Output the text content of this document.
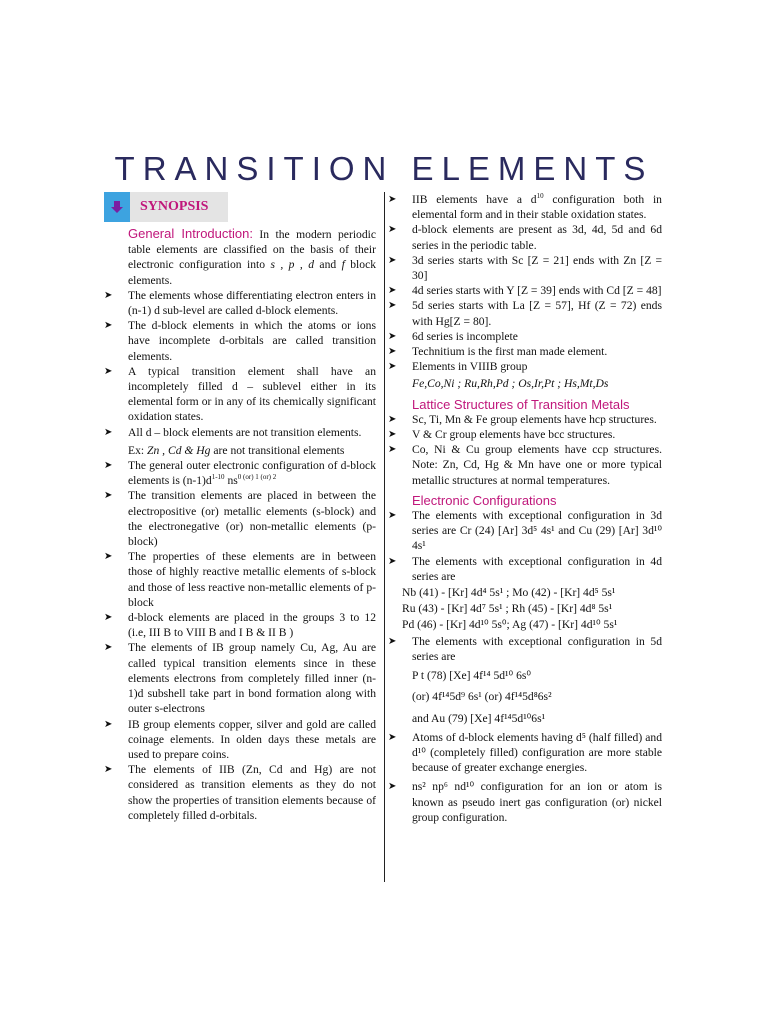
TRANSITION ELEMENTS
SYNOPSIS

General Introduction: In the modern periodic table elements are classified on the basis of their electronic configuration into s , p , d and f block elements.

➤ The elements whose differentiating electron enters in (n-1) d sub-level are called d-block elements.

➤ The d-block elements in which the atoms or ions have incomplete d-orbitals are called transition elements.

➤ A typical transition element shall have an incompletely filled d – sublevel either in its elemental form or in any of its chemically significant oxidation states.

➤ All d – block elements are not transition elements.

Ex: Zn , Cd & Hg are not transitional elements

➤ The general outer electronic configuration of d-block elements is $(n-1)d^{1-10}$ $ns^{0 (or) 1 (or) 2}$

➤ The transition elements are placed in between the electropositive (or) metallic elements (s-block) and the electronegative (or) non-metallic elements (p-block)

➤ The properties of these elements are in between those of highly reactive metallic elements of s-block and those of less reactive non-metallic elements of p-block

➤ d-block elements are placed in the groups 3 to 12 (i.e, III B to VIII B and I B & II B )

➤ The elements of IB group namely Cu, Ag, Au are called typical transition elements since in these elements electrons from completely filled inner (n-1)d subshell take part in bond formation along with outer s-electrons

➤ IB group elements copper, silver and gold are called coinage elements. In olden days these metals are used to prepare coins.

➤ The elements of IIB (Zn, Cd and Hg) are not considered as transition elements as they do not show the properties of transition elements because of completely filled d-orbitals.

➤ IIB elements have a $d^{10}$ configuration both in elemental form and in their stable oxidation states.

➤ d-block elements are present as 3d, 4d, 5d and 6d series in the periodic table.

➤ 3d series starts with Sc [Z = 21] ends with Zn [Z = 30]

➤ 4d series starts with Y [Z = 39] ends with Cd [Z = 48]

➤ 5d series starts with La [Z = 57], Hf (Z = 72) ends with Hg[Z = 80].

➤ 6d series is incomplete

➤ Technitium is the first man made element.

➤ Elements in VIIIB group

Fe,Co,Ni ; Ru,Rh,Pd ; Os,Ir,Pt ; Hs,Mt,Ds

Lattice Structures of Transition Metals

➤ Sc, Ti, Mn & Fe group elements have hcp structures.

➤ V & Cr group elements have bcc structures.

➤ Co, Ni & Cu group elements have ccp structures. Note: Zn, Cd, Hg & Mn have one or more typical metallic structures at normal temperatures.

Electronic Configurations

➤ The elements with exceptional configuration in 3d series are Cr (24) [Ar] 3d⁵ 4s¹ and Cu (29) [Ar] 3d¹⁰ 4s¹

➤ The elements with exceptional configuration in 4d series are

Nb (41) - [Kr] 4d⁴ 5s¹ ; Mo (42) - [Kr] 4d⁵ 5s¹

Ru (43) - [Kr] 4d⁷ 5s¹ ; Rh (45) - [Kr] 4d⁸ 5s¹

Pd (46) - [Kr] 4d¹⁰ 5s⁰; Ag (47) - [Kr] 4d¹⁰ 5s¹

➤ The elements with exceptional configuration in 5d series are

P t (78) [Xe] 4f¹⁴ 5d¹⁰ 6s⁰

(or) 4f¹⁴5d⁹ 6s¹ (or) 4f¹⁴5d⁸6s²

and Au (79) [Xe] 4f¹⁴5d¹⁰6s¹

➤ Atoms of d-block elements having d⁵ (half filled) and d¹⁰ (completely filled) configuration are more stable because of greater exchange energies.

➤ ns² np⁶ nd¹⁰ configuration for an ion or atom is known as pseudo inert gas configuration (or) nickel group configuration.
